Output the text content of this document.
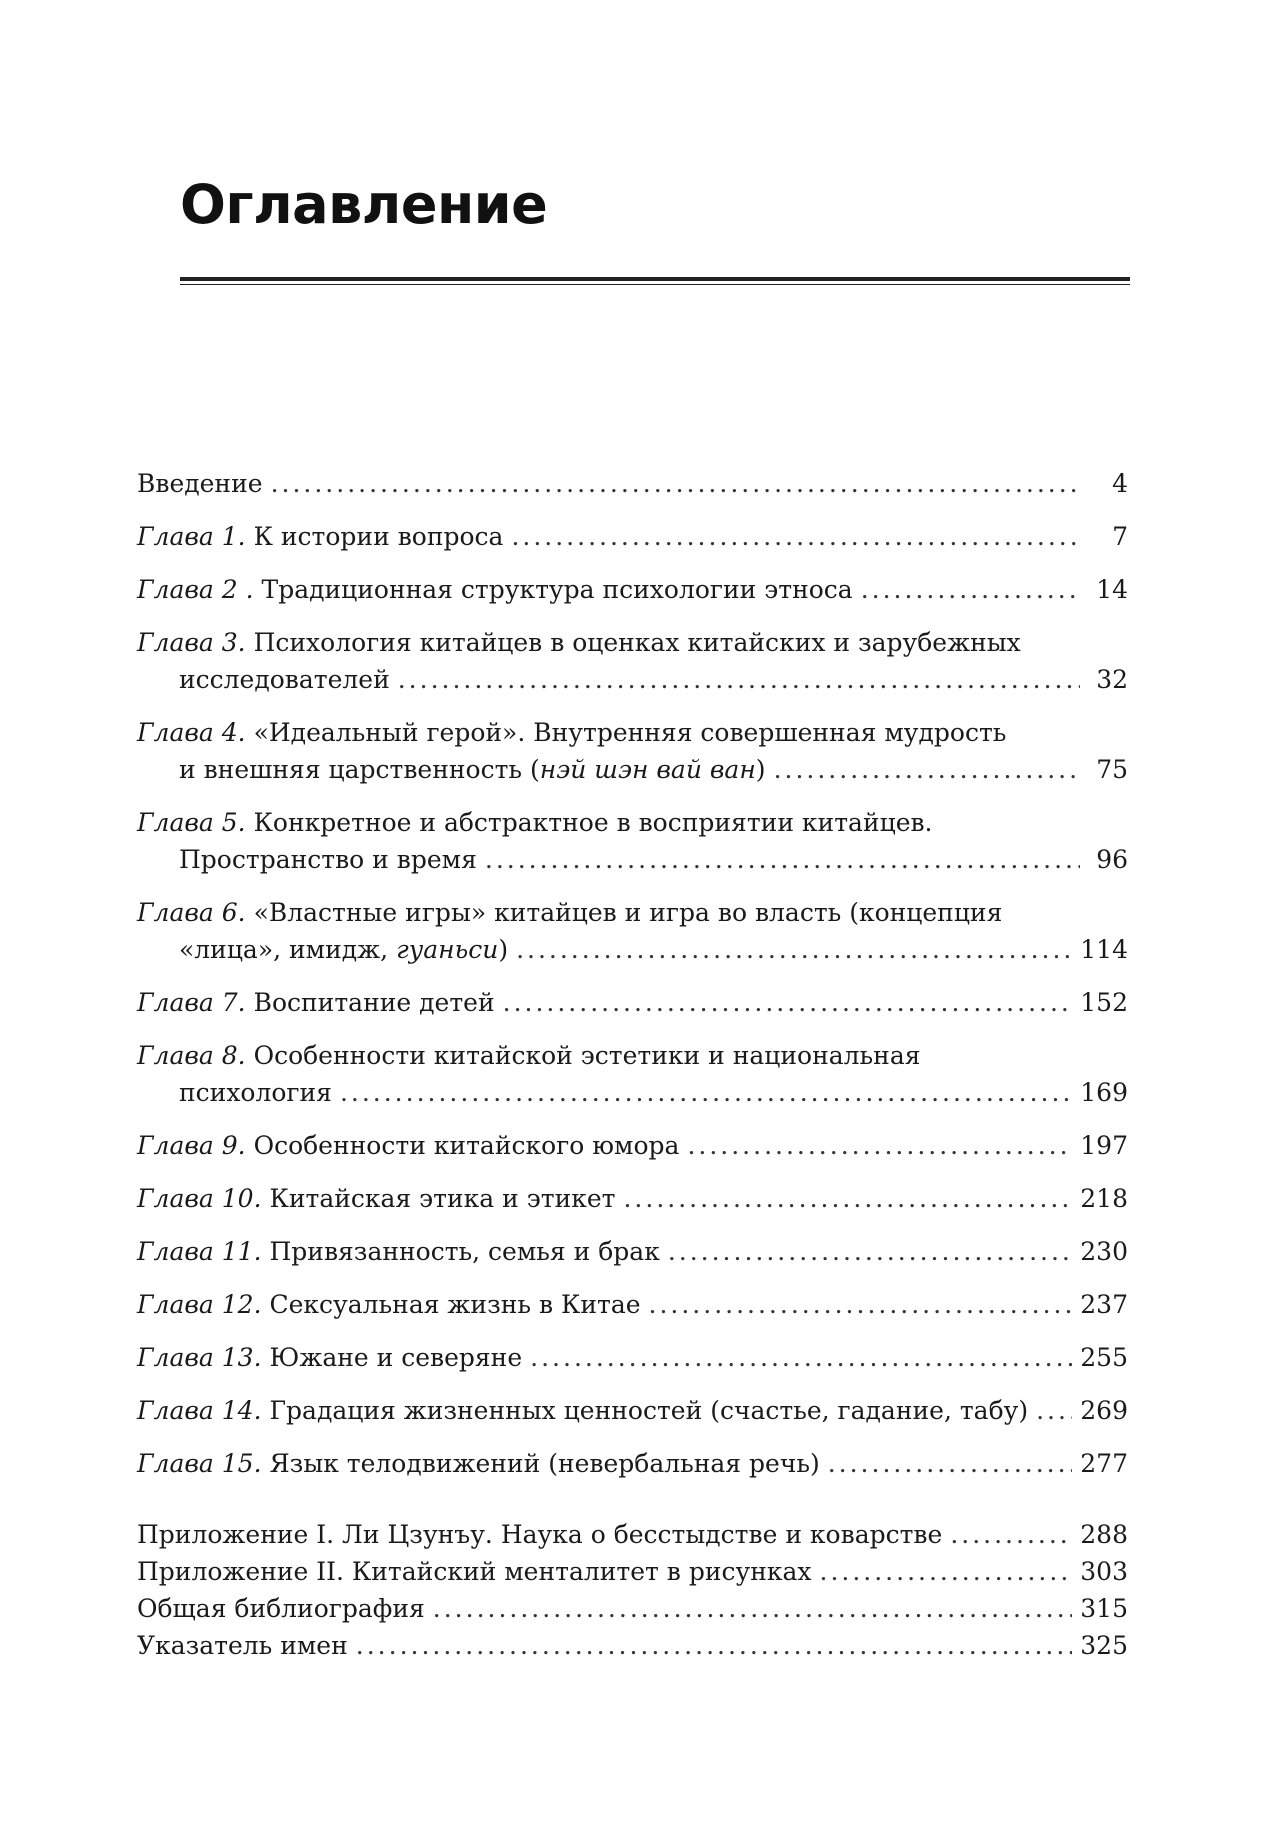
Оглавление
Введение .....	4
Глава 1. К истории вопроса .....	7
Глава 2 . Традиционная структура психологии этноса .....	14
Глава 3. Психология китайцев в оценках китайских и зарубежных
исследователей .....	32
Глава 4. «Идеальный герой». Внутренняя совершенная мудрость
и внешняя царственность (нэй шэн вай ван) .....	75
Глава 5. Конкретное и абстрактное в восприятии китайцев.
Пространство и время .....	96
Глава 6. «Властные игры» китайцев и игра во власть (концепция
«лица», имидж, гуаньси) .....	114
Глава 7. Воспитание детей .....	152
Глава 8. Особенности китайской эстетики и национальная
психология .....	169
Глава 9. Особенности китайского юмора .....	197
Глава 10. Китайская этика и этикет .....	218
Глава 11. Привязанность, семья и брак .....	230
Глава 12. Сексуальная жизнь в Китае .....	237
Глава 13. Южане и северяне .....	255
Глава 14. Градация жизненных ценностей (счастье, гадание, табу) ..... 269
Глава 15. Язык телодвижений (невербальная речь) .....	277
Приложение I. Ли Цзунъу. Наука о бесстыдстве и коварстве .....	288
Приложение II. Китайский менталитет в рисунках .....	303
Общая библиография .....	315
Указатель имен .....	325
